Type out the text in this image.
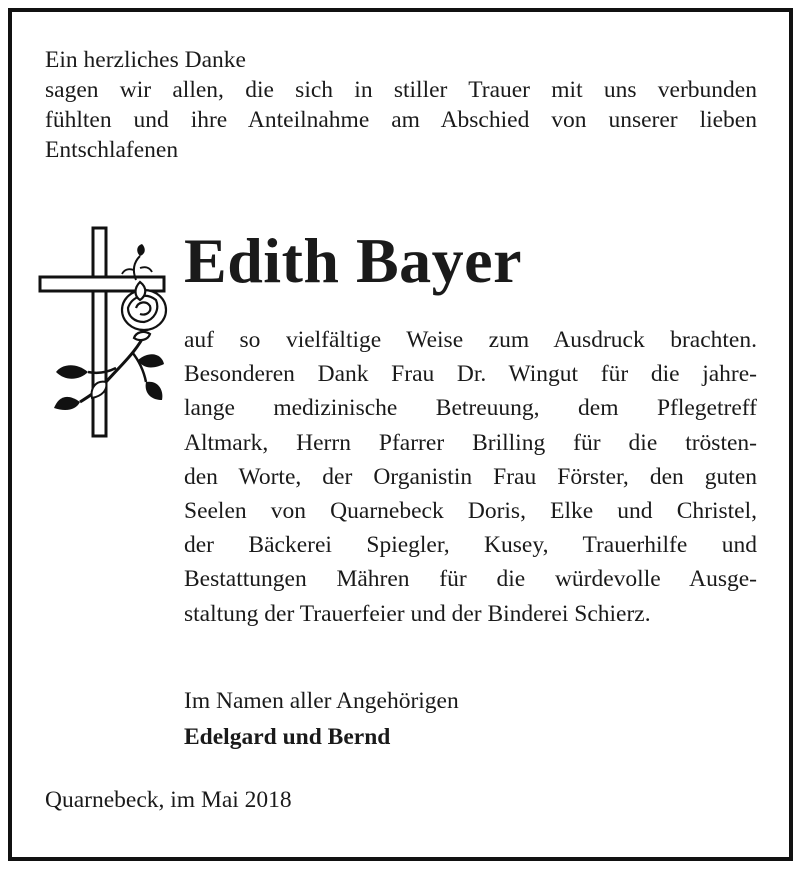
Ein herzliches Danke
sagen wir allen, die sich in stiller Trauer mit uns verbunden
fühlten und ihre Anteilnahme am Abschied von unserer lieben
Entschlafenen
Edith Bayer
auf so vielfältige Weise zum Ausdruck brachten.
Besonderen Dank Frau Dr. Wingut für die jahre-
lange medizinische Betreuung, dem Pflegetreff
Altmark, Herrn Pfarrer Brilling für die trösten-
den Worte, der Organistin Frau Förster, den guten
Seelen von Quarnebeck Doris, Elke und Christel,
der Bäckerei Spiegler, Kusey, Trauerhilfe und
Bestattungen Mähren für die würdevolle Ausge-
staltung der Trauerfeier und der Binderei Schierz.
Im Namen aller Angehörigen
Edelgard und Bernd
Quarnebeck, im Mai 2018
